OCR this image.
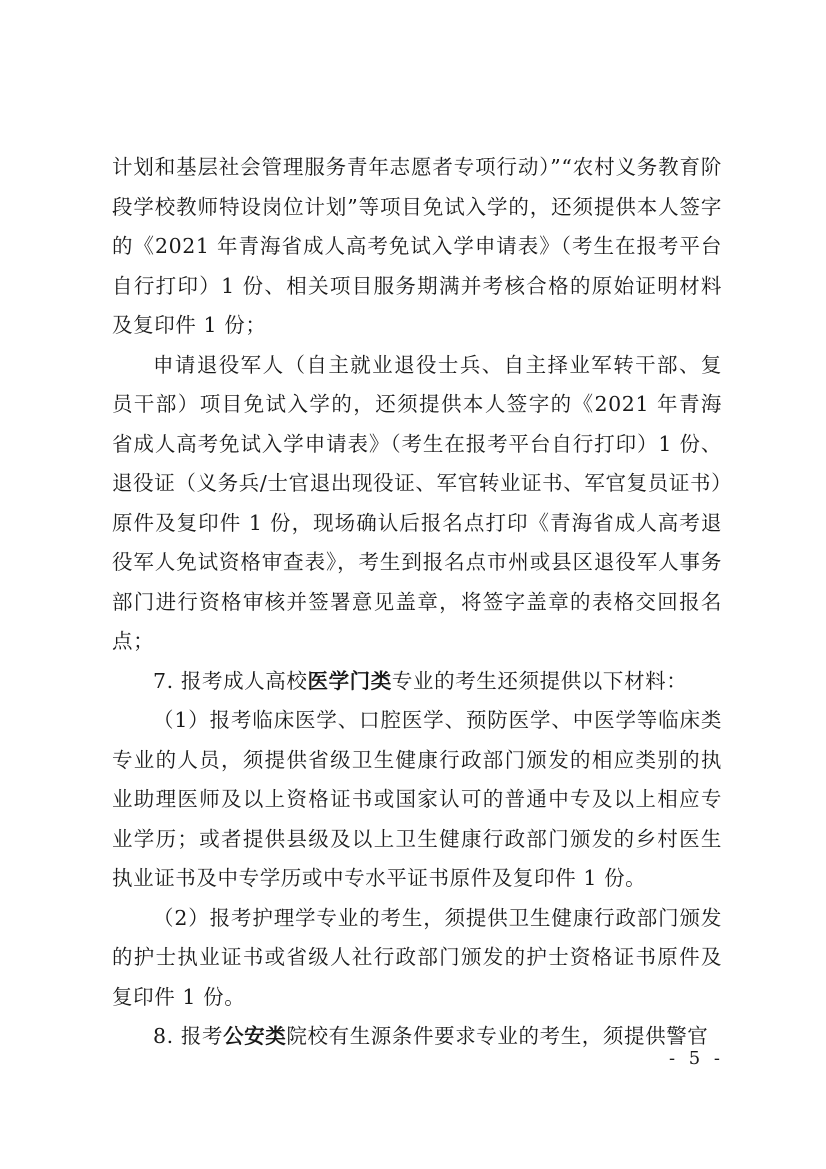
计划和基层社会管理服务青年志愿者专项行动）”“农村义务教育阶段学校教师特设岗位计划”等项目免试入学的，还须提供本人签字的《2021 年青海省成人高考免试入学申请表》（考生在报考平台自行打印）1 份、相关项目服务期满并考核合格的原始证明材料及复印件 1 份；

申请退役军人（自主就业退役士兵、自主择业军转干部、复员干部）项目免试入学的，还须提供本人签字的《2021 年青海省成人高考免试入学申请表》（考生在报考平台自行打印）1 份、退役证（义务兵/士官退出现役证、军官转业证书、军官复员证书）原件及复印件 1 份，现场确认后报名点打印《青海省成人高考退役军人免试资格审查表》，考生到报名点市州或县区退役军人事务部门进行资格审核并签署意见盖章，将签字盖章的表格交回报名点；

7. 报考成人高校医学门类专业的考生还须提供以下材料：

（1）报考临床医学、口腔医学、预防医学、中医学等临床类专业的人员，须提供省级卫生健康行政部门颁发的相应类别的执业助理医师及以上资格证书或国家认可的普通中专及以上相应专业学历；或者提供县级及以上卫生健康行政部门颁发的乡村医生执业证书及中专学历或中专水平证书原件及复印件 1 份。

（2）报考护理学专业的考生，须提供卫生健康行政部门颁发的护士执业证书或省级人社行政部门颁发的护士资格证书原件及复印件 1 份。

8. 报考公安类院校有生源条件要求专业的考生，须提供警官

- 5 -
